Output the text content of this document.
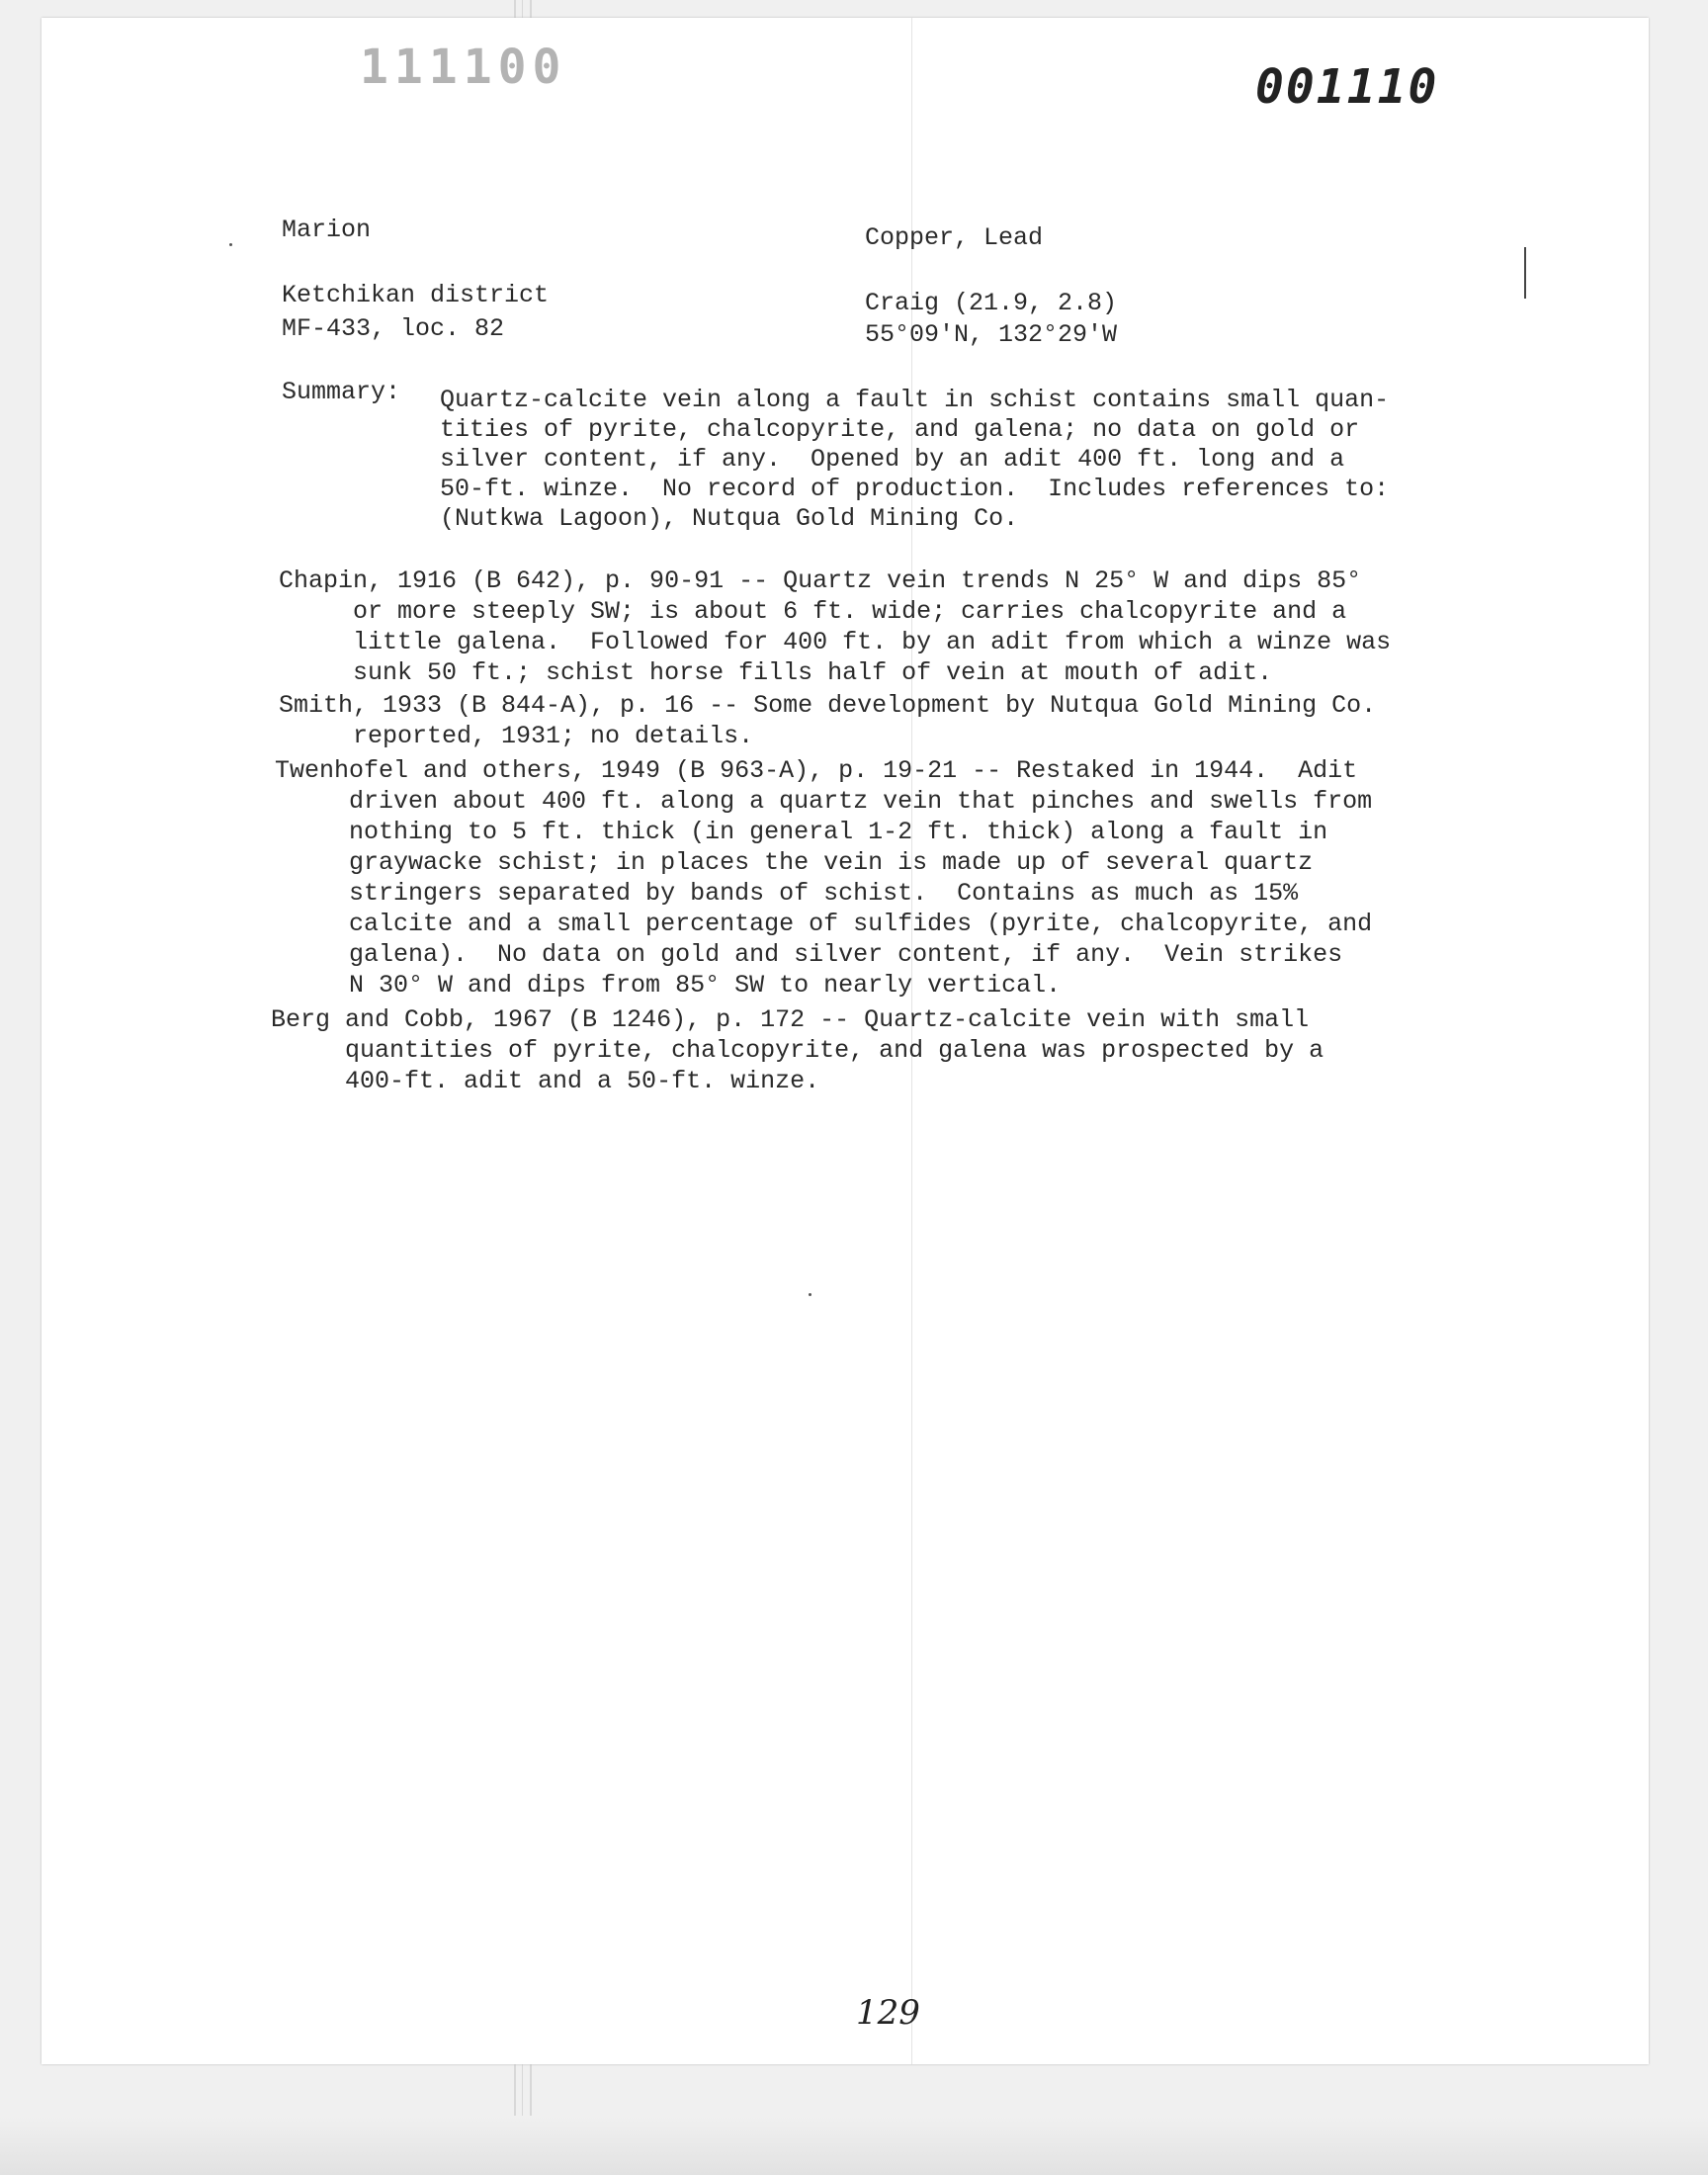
111100	001110
Marion	Copper, Lead
Ketchikan district
MF-433, loc. 82
Craig (21.9, 2.8)
55°09'N, 132°29'W
Summary: Quartz-calcite vein along a fault in schist contains small quan-
tities of pyrite, chalcopyrite, and galena; no data on gold or
silver content, if any.  Opened by an adit 400 ft. long and a
50-ft. winze.  No record of production.  Includes references to:
(Nutkwa Lagoon), Nutqua Gold Mining Co.
Chapin, 1916 (B 642), p. 90-91 -- Quartz vein trends N 25° W and dips 85°
or more steeply SW; is about 6 ft. wide; carries chalcopyrite and a
little galena.  Followed for 400 ft. by an adit from which a winze was
sunk 50 ft.; schist horse fills half of vein at mouth of adit.
Smith, 1933 (B 844-A), p. 16 -- Some development by Nutqua Gold Mining Co.
reported, 1931; no details.
Twenhofel and others, 1949 (B 963-A), p. 19-21 -- Restaked in 1944.  Adit
driven about 400 ft. along a quartz vein that pinches and swells from
nothing to 5 ft. thick (in general 1-2 ft. thick) along a fault in
graywacke schist; in places the vein is made up of several quartz
stringers separated by bands of schist.  Contains as much as 15%
calcite and a small percentage of sulfides (pyrite, chalcopyrite, and
galena).  No data on gold and silver content, if any.  Vein strikes
N 30° W and dips from 85° SW to nearly vertical.
Berg and Cobb, 1967 (B 1246), p. 172 -- Quartz-calcite vein with small
quantities of pyrite, chalcopyrite, and galena was prospected by a
400-ft. adit and a 50-ft. winze.
129
